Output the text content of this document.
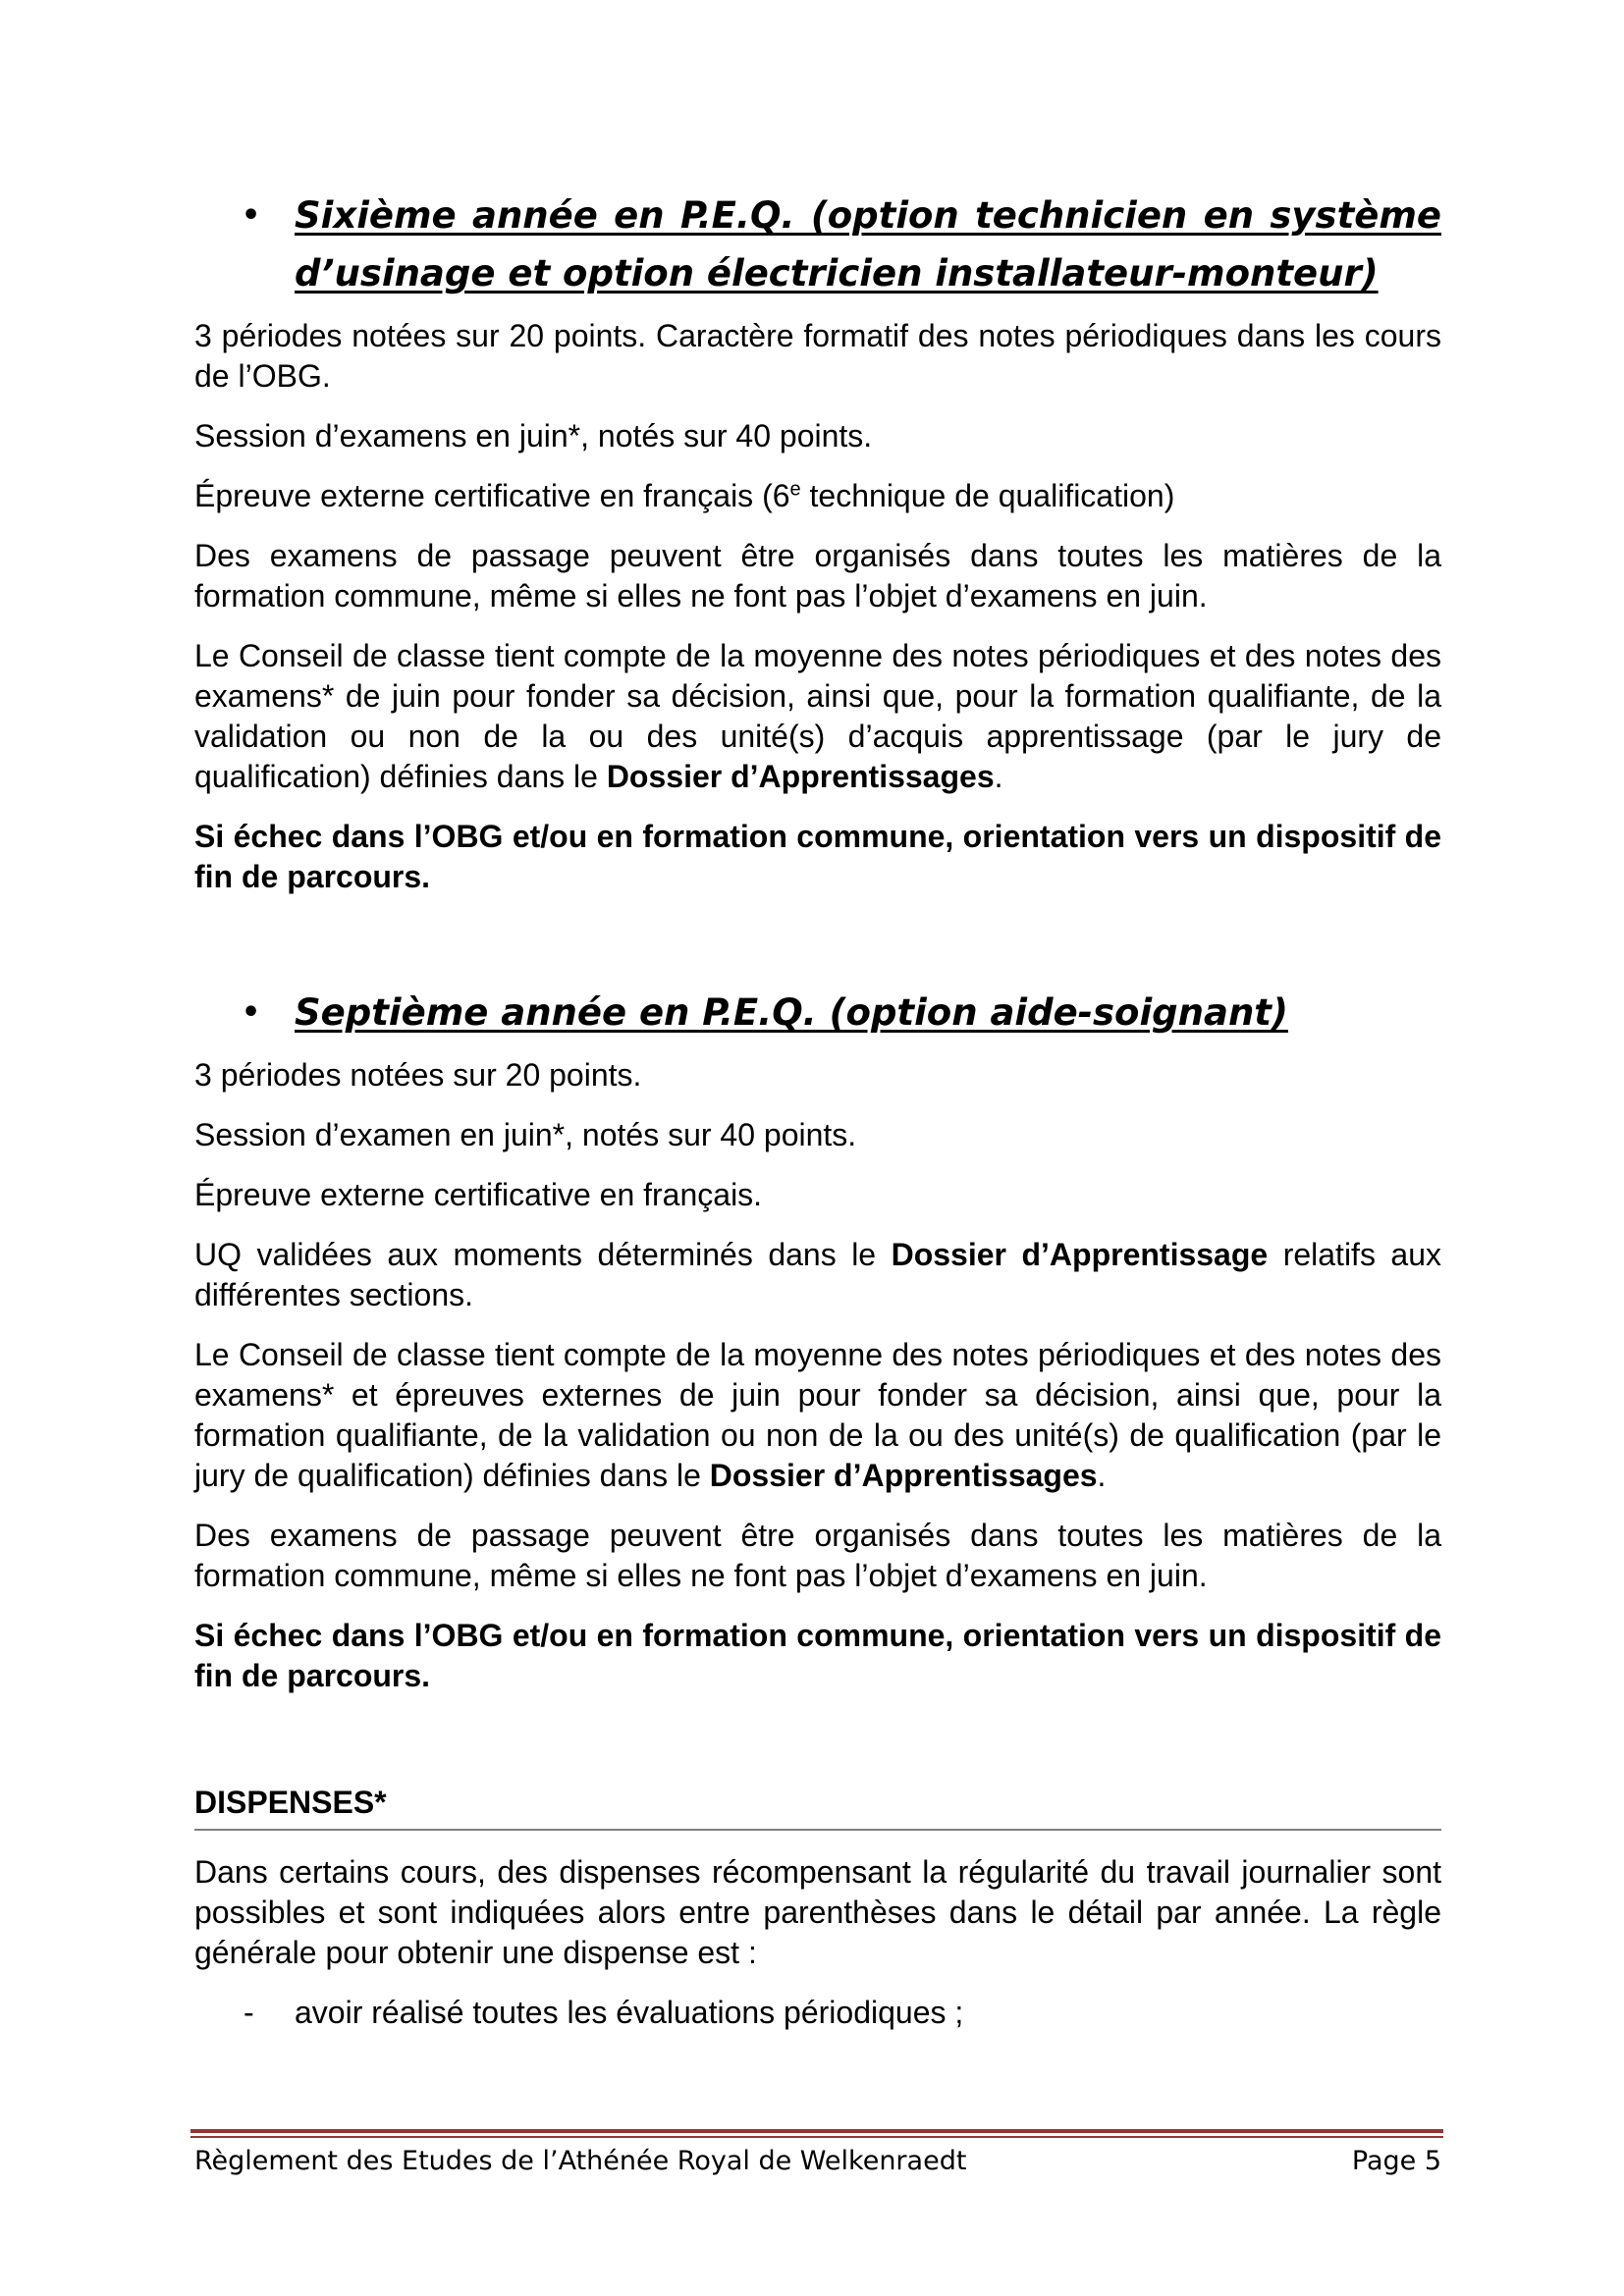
• Sixième année en P.E.Q. (option technicien en système d’usinage et option électricien installateur-monteur)

3 périodes notées sur 20 points. Caractère formatif des notes périodiques dans les cours de l’OBG.

Session d’examens en juin*, notés sur 40 points.

Épreuve externe certificative en français (6e technique de qualification)

Des examens de passage peuvent être organisés dans toutes les matières de la formation commune, même si elles ne font pas l’objet d’examens en juin.

Le Conseil de classe tient compte de la moyenne des notes périodiques et des notes des examens* de juin pour fonder sa décision, ainsi que, pour la formation qualifiante, de la validation ou non de la ou des unité(s) d’acquis apprentissage (par le jury de qualification) définies dans le Dossier d’Apprentissages.

Si échec dans l’OBG et/ou en formation commune, orientation vers un dispositif de fin de parcours.

• Septième année en P.E.Q. (option aide-soignant)

3 périodes notées sur 20 points.

Session d’examen en juin*, notés sur 40 points.

Épreuve externe certificative en français.

UQ validées aux moments déterminés dans le Dossier d’Apprentissage relatifs aux différentes sections.

Le Conseil de classe tient compte de la moyenne des notes périodiques et des notes des examens* et épreuves externes de juin pour fonder sa décision, ainsi que, pour la formation qualifiante, de la validation ou non de la ou des unité(s) de qualification (par le jury de qualification) définies dans le Dossier d’Apprentissages.

Des examens de passage peuvent être organisés dans toutes les matières de la formation commune, même si elles ne font pas l’objet d’examens en juin.

Si échec dans l’OBG et/ou en formation commune, orientation vers un dispositif de fin de parcours.

DISPENSES*

Dans certains cours, des dispenses récompensant la régularité du travail journalier sont possibles et sont indiquées alors entre parenthèses dans le détail par année. La règle générale pour obtenir une dispense est :

- avoir réalisé toutes les évaluations périodiques ;
Règlement des Etudes de l’Athénée Royal de Welkenraedt	Page 5
